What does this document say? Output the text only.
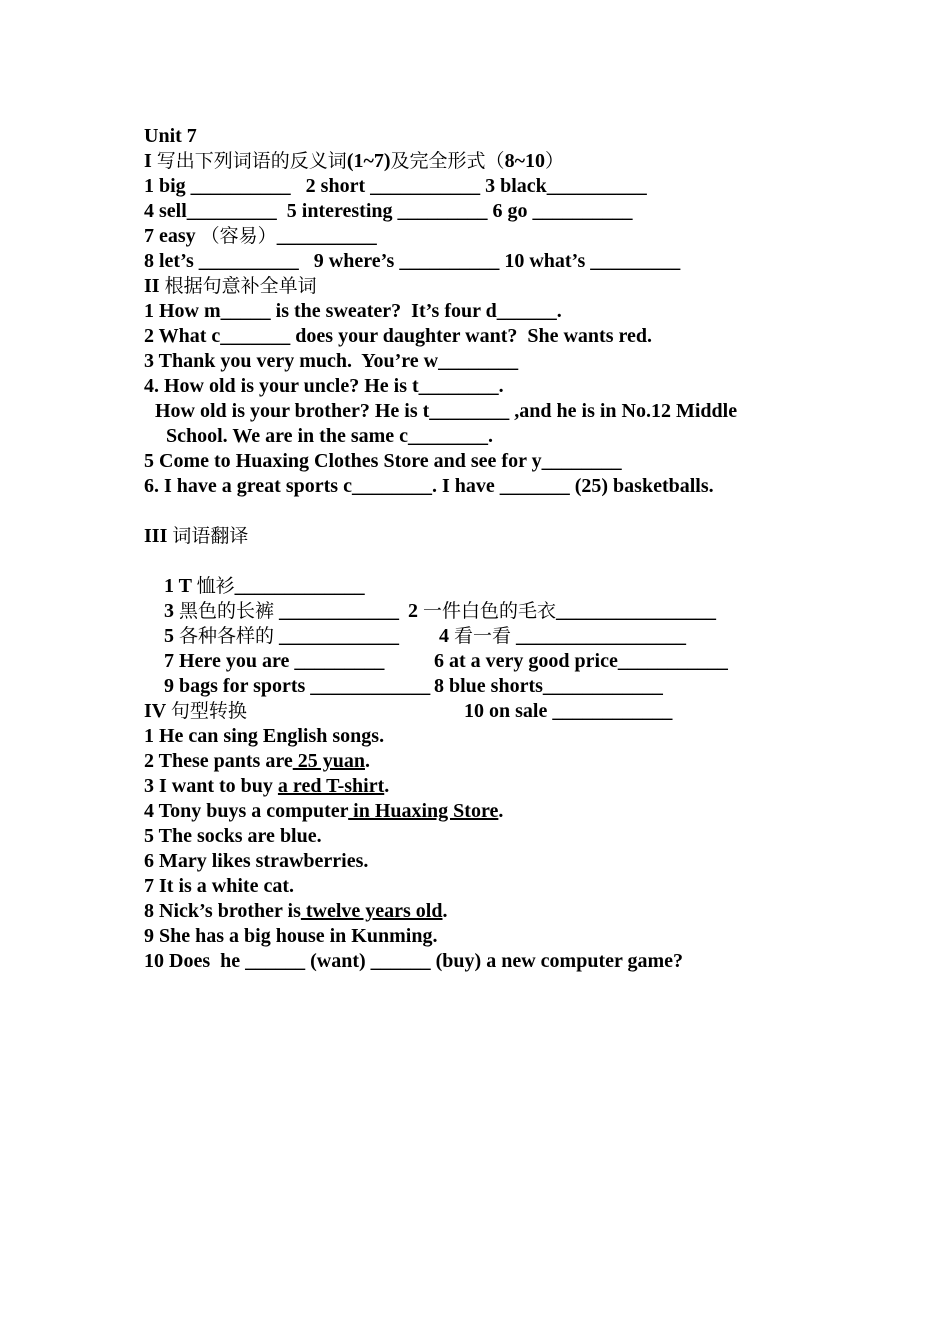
Unit 7
I 写出下列词语的反义词(1~7)及完全形式（8~10）
1 big __________   2 short ___________ 3 black__________
4 sell_________  5 interesting _________ 6 go __________
7 easy （容易）__________
8 let’s __________   9 where’s __________ 10 what’s _________
II 根据句意补全单词
1 How m_____ is the sweater?  It’s four d______.
2 What c_______ does your daughter want?  She wants red.
3 Thank you very much.  You’re w________
4. How old is your uncle? He is t________.
How old is your brother? He is t________ ,and he is in No.12 Middle
School. We are in the same c________.
5 Come to Huaxing Clothes Store and see for y________
6. I have a great sports c________. I have _______ (25) basketballs.
III 词语翻译

1 T 恤衫_____________

2 一件白色的毛衣________________

3 黑色的长裤 ____________

4 看一看 _________________

5 各种各样的 ____________

6 at a very good price___________

7 Here you are _________

8 blue shorts____________

9 bags for sports ____________

10 on sale ____________

IV 句型转换
1 He can sing English songs.
2 These pants are 25 yuan.
3 I want to buy a red T-shirt.
4 Tony buys a computer in Huaxing Store.
5 The socks are blue.
6 Mary likes strawberries.
7 It is a white cat.
8 Nick’s brother is twelve years old.
9 She has a big house in Kunming.
10 Does  he ______ (want) ______ (buy) a new computer game?
